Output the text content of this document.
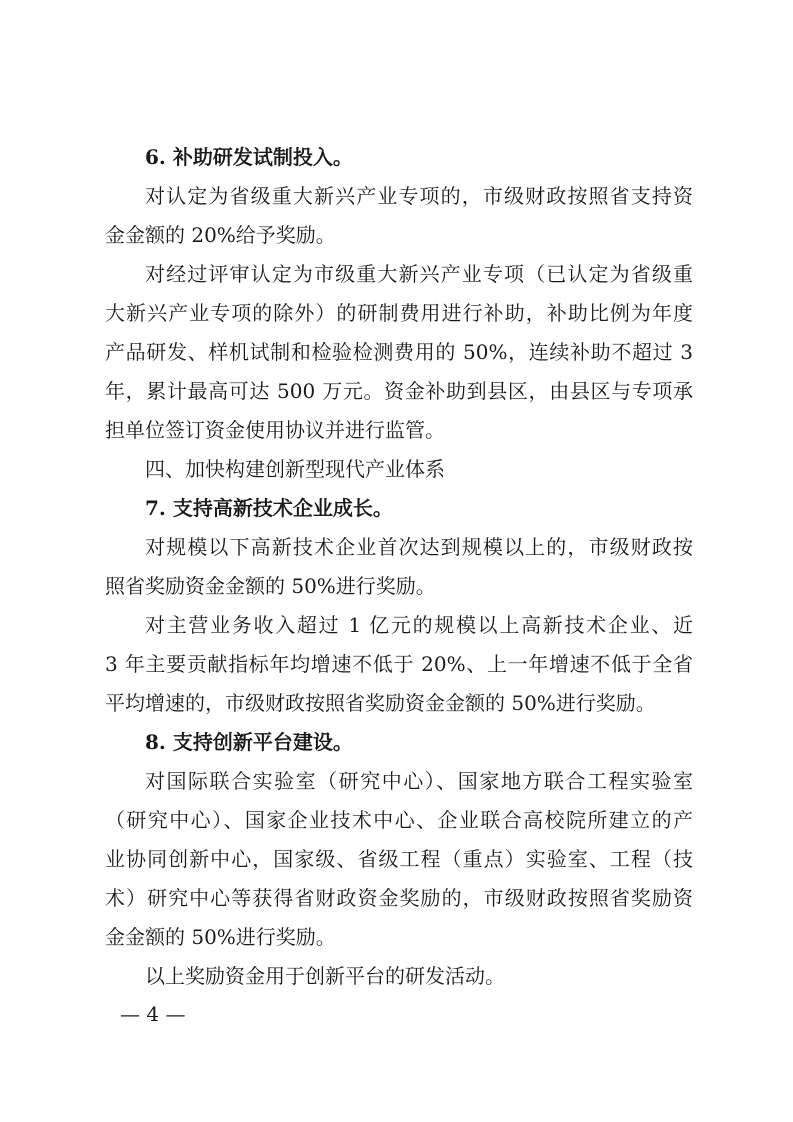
6. 补助研发试制投入。
对认定为省级重大新兴产业专项的，市级财政按照省支持资
金金额的 20%给予奖励。
对经过评审认定为市级重大新兴产业专项（已认定为省级重
大新兴产业专项的除外）的研制费用进行补助，补助比例为年度
产品研发、样机试制和检验检测费用的 50%，连续补助不超过 3
年，累计最高可达 500 万元。资金补助到县区，由县区与专项承
担单位签订资金使用协议并进行监管。
四、加快构建创新型现代产业体系
7. 支持高新技术企业成长。
对规模以下高新技术企业首次达到规模以上的，市级财政按
照省奖励资金金额的 50%进行奖励。
对主营业务收入超过 1 亿元的规模以上高新技术企业、近
3 年主要贡献指标年均增速不低于 20%、上一年增速不低于全省
平均增速的，市级财政按照省奖励资金金额的 50%进行奖励。
8. 支持创新平台建设。
对国际联合实验室（研究中心）、国家地方联合工程实验室
（研究中心）、国家企业技术中心、企业联合高校院所建立的产
业协同创新中心，国家级、省级工程（重点）实验室、工程（技
术）研究中心等获得省财政资金奖励的，市级财政按照省奖励资
金金额的 50%进行奖励。
以上奖励资金用于创新平台的研发活动。
— 4 —
